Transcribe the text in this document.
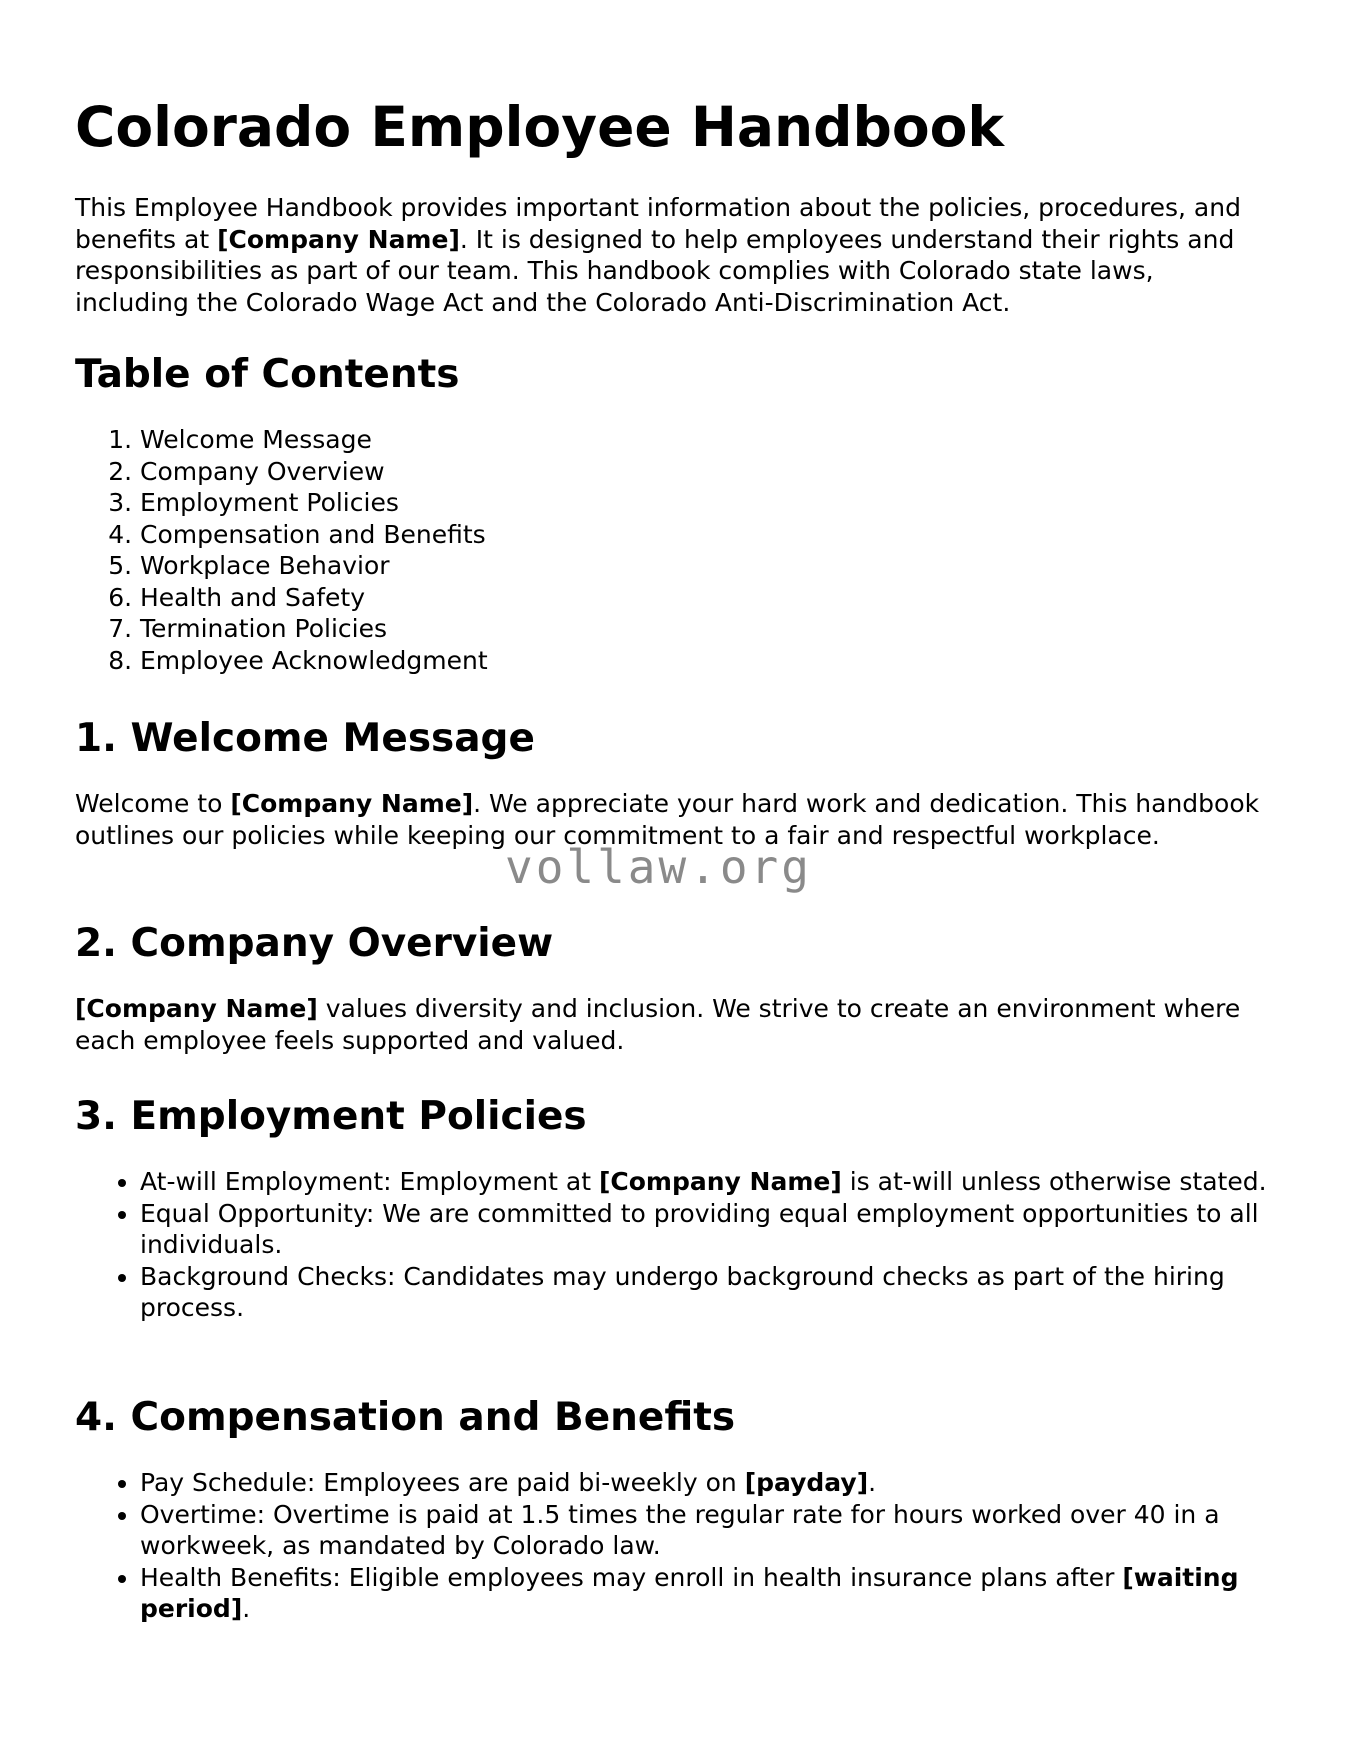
Colorado Employee Handbook

This Employee Handbook provides important information about the policies, procedures, and benefits at [Company Name]. It is designed to help employees understand their rights and responsibilities as part of our team. This handbook complies with Colorado state laws, including the Colorado Wage Act and the Colorado Anti-Discrimination Act.

Table of Contents
1. Welcome Message
2. Company Overview
3. Employment Policies
4. Compensation and Benefits
5. Workplace Behavior
6. Health and Safety
7. Termination Policies
8. Employee Acknowledgment
1. Welcome Message

Welcome to [Company Name]. We appreciate your hard work and dedication. This handbook outlines our policies while keeping our commitment to a fair and respectful workplace.

2. Company Overview

[Company Name] values diversity and inclusion. We strive to create an environment where each employee feels supported and valued.

3. Employment Policies
• At-will Employment: Employment at [Company Name] is at-will unless otherwise stated.
• Equal Opportunity: We are committed to providing equal employment opportunities to all individuals.
• Background Checks: Candidates may undergo background checks as part of the hiring process.
4. Compensation and Benefits
• Pay Schedule: Employees are paid bi-weekly on [payday].
• Overtime: Overtime is paid at 1.5 times the regular rate for hours worked over 40 in a workweek, as mandated by Colorado law.
• Health Benefits: Eligible employees may enroll in health insurance plans after [waiting period].
vollaw.org
